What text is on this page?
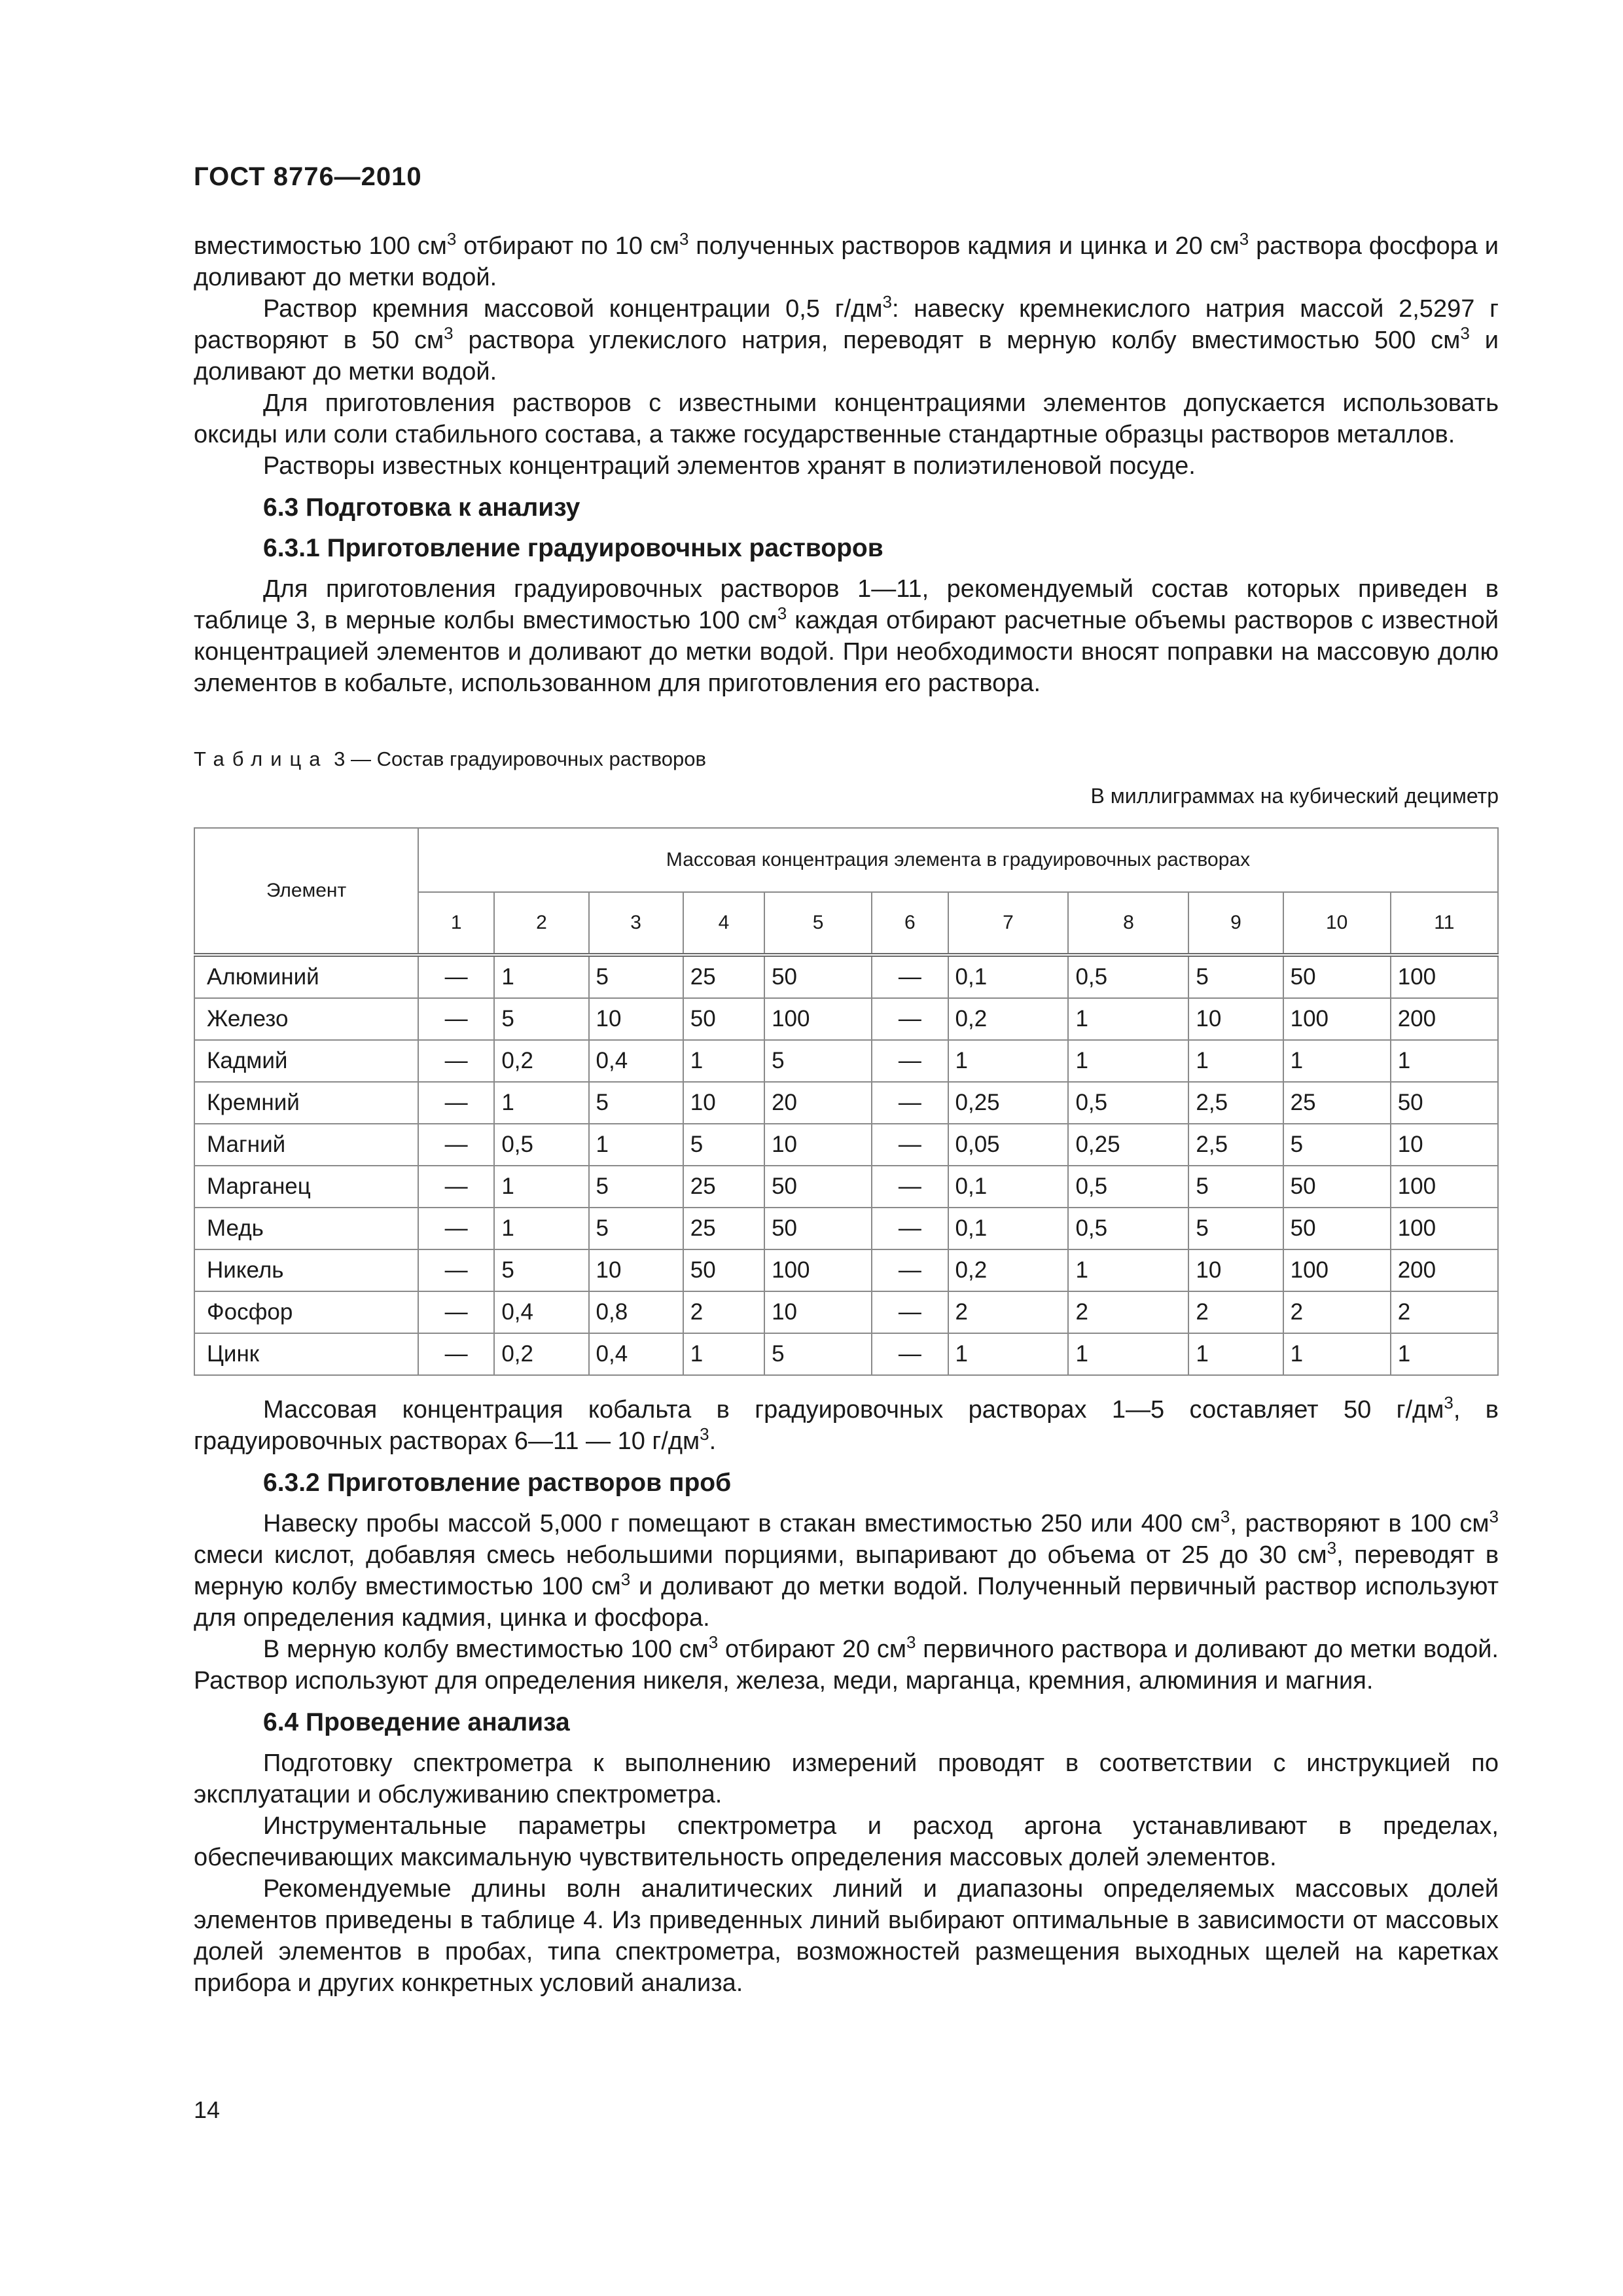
ГОСТ 8776—2010

вместимостью 100 $см^3$ отбирают по 10 $см^3$ полученных растворов кадмия и цинка и 20 $см^3$ раствора фосфора и доливают до метки водой.

Раствор кремния массовой концентрации 0,5 $г/дм^3$: навеску кремнекислого натрия массой 2,5297 г растворяют в 50 $см^3$ раствора углекислого натрия, переводят в мерную колбу вместимостью 500 $см^3$ и доливают до метки водой.

Для приготовления растворов с известными концентрациями элементов допускается использовать оксиды или соли стабильного состава, а также государственные стандартные образцы растворов металлов.

Растворы известных концентраций элементов хранят в полиэтиленовой посуде.

6.3 Подготовка к анализу
6.3.1 Приготовление градуировочных растворов

Для приготовления градуировочных растворов 1—11, рекомендуемый состав которых приведен в таблице 3, в мерные колбы вместимостью 100 $см^3$ каждая отбирают расчетные объемы растворов с известной концентрацией элементов и доливают до метки водой. При необходимости вносят поправки на массовую долю элементов в кобальте, использованном для приготовления его раствора.

Таблица 3 — Состав градуировочных растворов
В миллиграммах на кубический дециметр
Элемент	Массовая концентрация элемента в градуировочных растворах										
	1	2	3	4	5	6	7	8	9	10	11
Алюминий	—	1	5	25	50	—	0,1	0,5	5	50	100
Железо	—	5	10	50	100	—	0,2	1	10	100	200
Кадмий	—	0,2	0,4	1	5	—	1	1	1	1	1
Кремний	—	1	5	10	20	—	0,25	0,5	2,5	25	50
Магний	—	0,5	1	5	10	—	0,05	0,25	2,5	5	10
Марганец	—	1	5	25	50	—	0,1	0,5	5	50	100
Медь	—	1	5	25	50	—	0,1	0,5	5	50	100
Никель	—	5	10	50	100	—	0,2	1	10	100	200
Фосфор	—	0,4	0,8	2	10	—	2	2	2	2	2
Цинк	—	0,2	0,4	1	5	—	1	1	1	1	1

Массовая концентрация кобальта в градуировочных растворах 1—5 составляет 50 $г/дм^3$, в градуировочных растворах 6—11 — 10 $г/дм^3$.

6.3.2 Приготовление растворов проб

Навеску пробы массой 5,000 г помещают в стакан вместимостью 250 или 400 $см^3$, растворяют в 100 $см^3$ смеси кислот, добавляя смесь небольшими порциями, выпаривают до объема от 25 до 30 $см^3$, переводят в мерную колбу вместимостью 100 $см^3$ и доливают до метки водой. Полученный первичный раствор используют для определения кадмия, цинка и фосфора.

В мерную колбу вместимостью 100 $см^3$ отбирают 20 $см^3$ первичного раствора и доливают до метки водой. Раствор используют для определения никеля, железа, меди, марганца, кремния, алюминия и магния.

6.4 Проведение анализа

Подготовку спектрометра к выполнению измерений проводят в соответствии с инструкцией по эксплуатации и обслуживанию спектрометра.

Инструментальные параметры спектрометра и расход аргона устанавливают в пределах, обеспечивающих максимальную чувствительность определения массовых долей элементов.

Рекомендуемые длины волн аналитических линий и диапазоны определяемых массовых долей элементов приведены в таблице 4. Из приведенных линий выбирают оптимальные в зависимости от массовых долей элементов в пробах, типа спектрометра, возможностей размещения выходных щелей на каретках прибора и других конкретных условий анализа.

14
